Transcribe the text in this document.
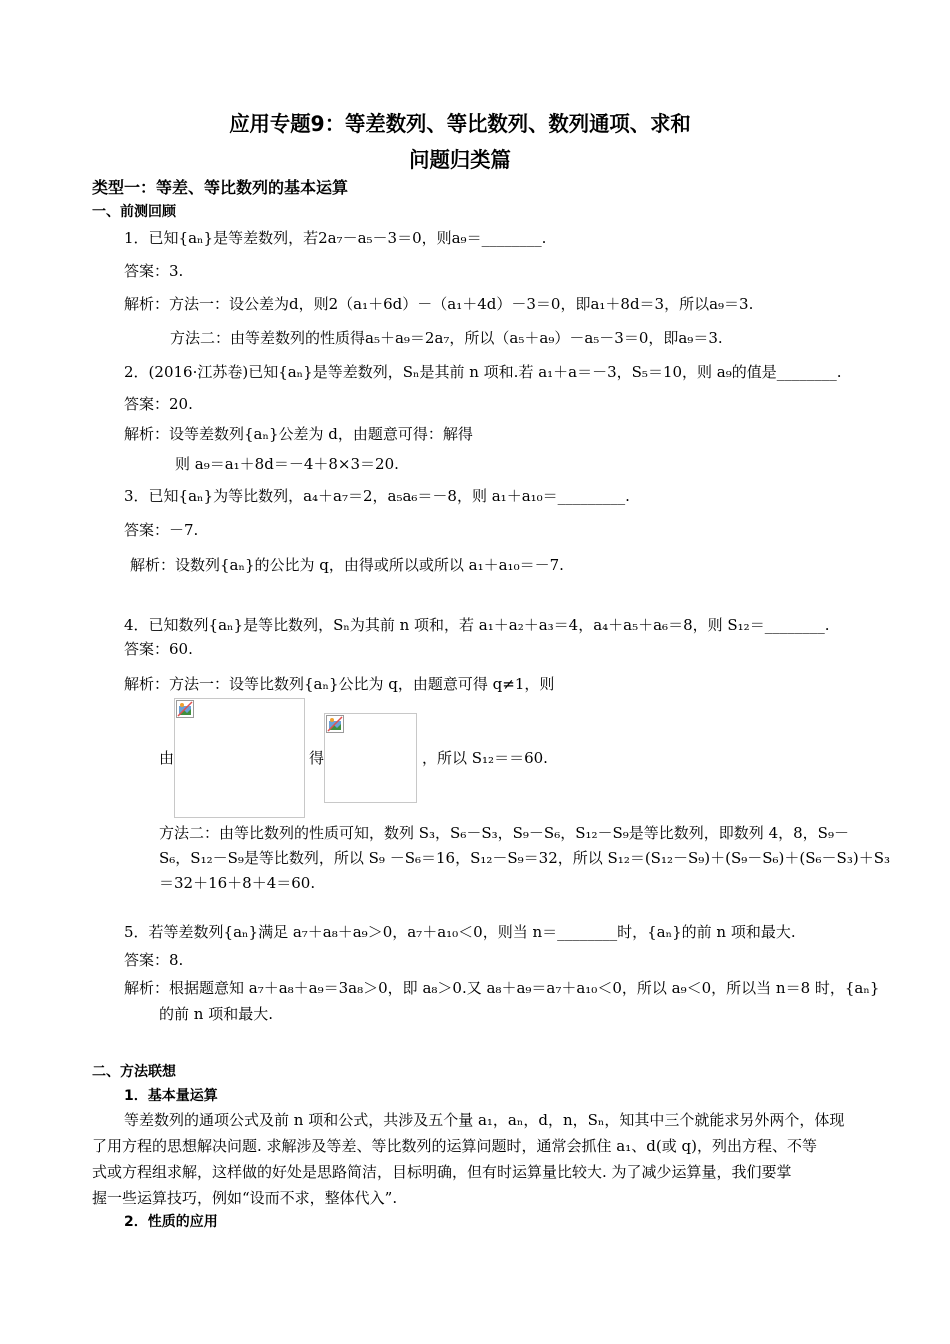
应用专题9：等差数列、等比数列、数列通项、求和
问题归类篇
类型一：等差、等比数列的基本运算
一、前测回顾
1．已知{aₙ}是等差数列，若2a₇－a₅－3＝0，则a₉＝________.
答案：3.
解析：方法一：设公差为d，则2（a₁＋6d）－（a₁＋4d）－3＝0，即a₁＋8d＝3，所以a₉＝3.
方法二：由等差数列的性质得a₅＋a₉＝2a₇，所以（a₅＋a₉）－a₅－3＝0，即a₉＝3.
2．(2016·江苏卷)已知{aₙ}是等差数列，Sₙ是其前 n 项和.若 a₁＋a＝－3，S₅＝10，则 a₉的值是________.
答案：20.
解析：设等差数列{aₙ}公差为 d，由题意可得：解得
则 a₉＝a₁＋8d＝－4＋8×3＝20.
3．已知{aₙ}为等比数列，a₄＋a₇＝2，a₅a₆＝－8，则 a₁＋a₁₀＝_________.
答案：－7.
解析：设数列{aₙ}的公比为 q，由得或所以或所以 a₁＋a₁₀＝－7.
4．已知数列{aₙ}是等比数列，Sₙ为其前 n 项和，若 a₁＋a₂＋a₃＝4，a₄＋a₅＋a₆＝8，则 S₁₂＝________.
答案：60.
解析：方法一：设等比数列{aₙ}公比为 q，由题意可得 q≠1，则
由	得	，所以 S₁₂＝＝60.
方法二：由等比数列的性质可知，数列 S₃，S₆－S₃，S₉－S₆，S₁₂－S₉是等比数列，即数列 4，8，S₉－
S₆，S₁₂－S₉是等比数列，所以 S₉ －S₆＝16，S₁₂－S₉＝32，所以 S₁₂＝(S₁₂－S₉)＋(S₉－S₆)＋(S₆－S₃)＋S₃
＝32＋16＋8＋4＝60.
5．若等差数列{aₙ}满足 a₇＋a₈＋a₉＞0，a₇＋a₁₀＜0，则当 n＝________时，{aₙ}的前 n 项和最大.
答案：8.
解析：根据题意知 a₇＋a₈＋a₉＝3a₈＞0，即 a₈＞0.又 a₈＋a₉＝a₇＋a₁₀＜0，所以 a₉＜0，所以当 n＝8 时，{aₙ}
的前 n 项和最大.
二、方法联想
1．基本量运算
等差数列的通项公式及前 n 项和公式，共涉及五个量 a₁，aₙ，d，n，Sₙ，知其中三个就能求另外两个，体现
了用方程的思想解决问题. 求解涉及等差、等比数列的运算问题时，通常会抓住 a₁、d(或 q)，列出方程、不等
式或方程组求解，这样做的好处是思路简洁，目标明确，但有时运算量比较大. 为了减少运算量，我们要掌
握一些运算技巧，例如“设而不求，整体代入”.
2．性质的应用
